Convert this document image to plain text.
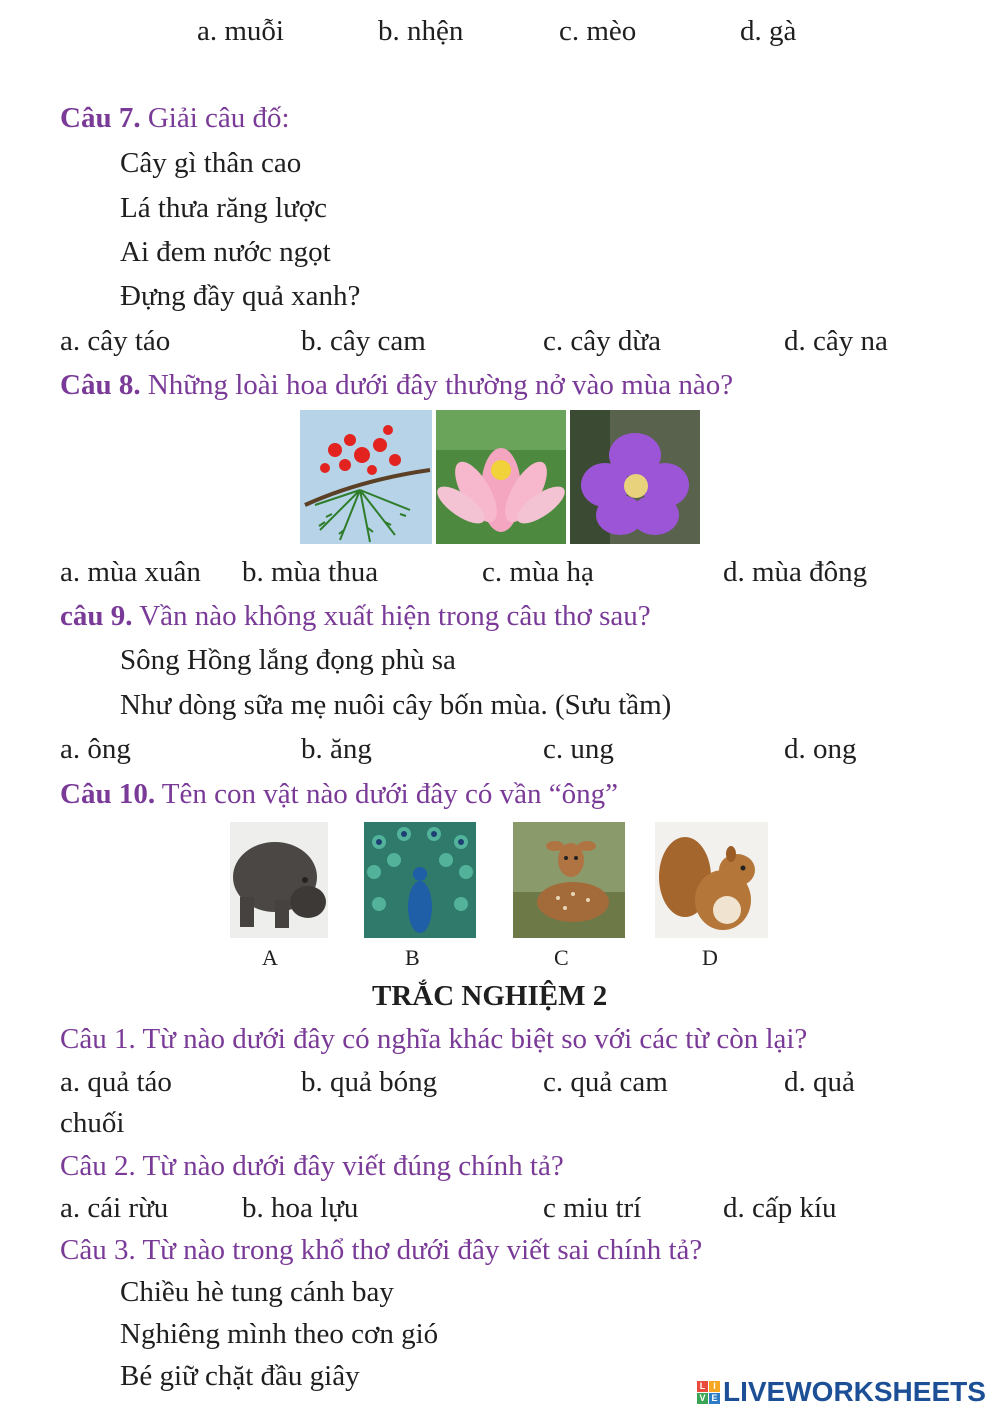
a. muỗi	b. nhện	c. mèo	d. gà
Câu 7. Giải câu đố:
Cây gì thân cao
Lá thưa răng lược
Ai đem nước ngọt
Đựng đầy quả xanh?
a. cây táo	b. cây cam	c. cây dừa	d. cây na
Câu 8. Những loài hoa dưới đây thường nở vào mùa nào?
a. mùa xuân b. mùa thua	c. mùa hạ	d. mùa đông
câu 9. Vần nào không xuất hiện trong câu thơ sau?
Sông Hồng lắng đọng phù sa
Như dòng sữa mẹ nuôi cây bốn mùa. (Sưu tầm)
a. ông	b. ăng	c. ung	d. ong
Câu 10. Tên con vật nào dưới đây có vần “ông”
A	B	C	D
TRẮC NGHIỆM 2
Câu 1. Từ nào dưới đây có nghĩa khác biệt so với các từ còn lại?
a. quả táo	b. quả bóng	c. quả cam	d. quả
chuối
Câu 2. Từ nào dưới đây viết đúng chính tả?
a. cái rừu	b. hoa lựu	c miu trí	d. cấp kíu
Câu 3. Từ nào trong khổ thơ dưới đây viết sai chính tả?
Chiều hè tung cánh bay
Nghiêng mình theo cơn gió
Bé giữ chặt đầu giây	L I
V E LIVEWORKSHEETS
